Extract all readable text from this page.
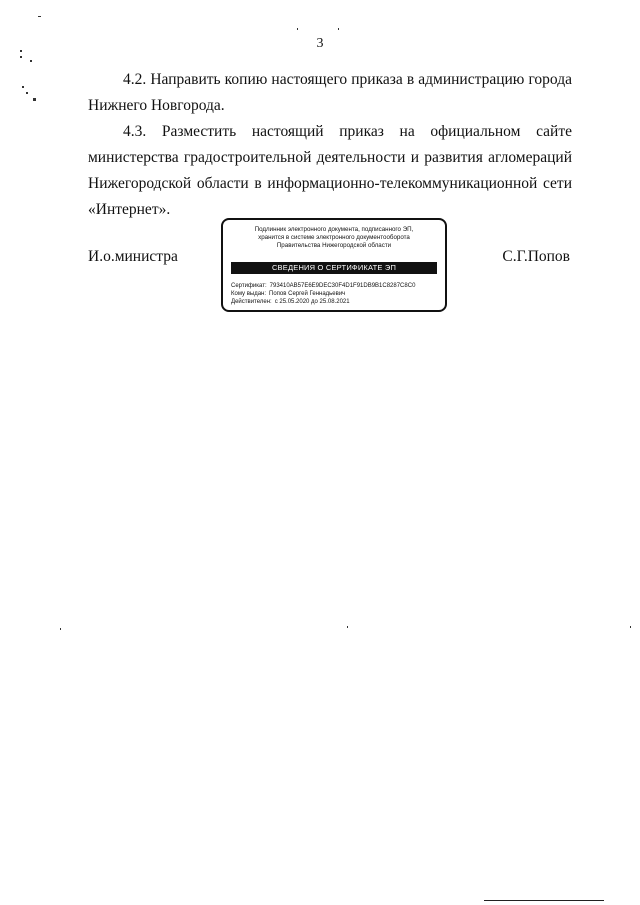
3

4.2. Направить копию настоящего приказа в администрацию города Нижнего Новгорода.

4.3. Разместить настоящий приказ на официальном сайте министерства градостроительной деятельности и развития агломераций Нижегородской области в информационно-телекоммуникационной сети «Интернет».

И.о.министра	С.Г.Попов
Подлинник электронного документа, подписанного ЭП,
хранится в системе электронного документооборота
Правительства Нижегородской области
СВЕДЕНИЯ О СЕРТИФИКАТЕ ЭП
Сертификат: 793410AB57E6E9DEC30F4D1F91DB9B1C8287C8C0
Кому выдан: Попов Сергей Геннадьевич
Действителен: с 25.05.2020 до 25.08.2021
